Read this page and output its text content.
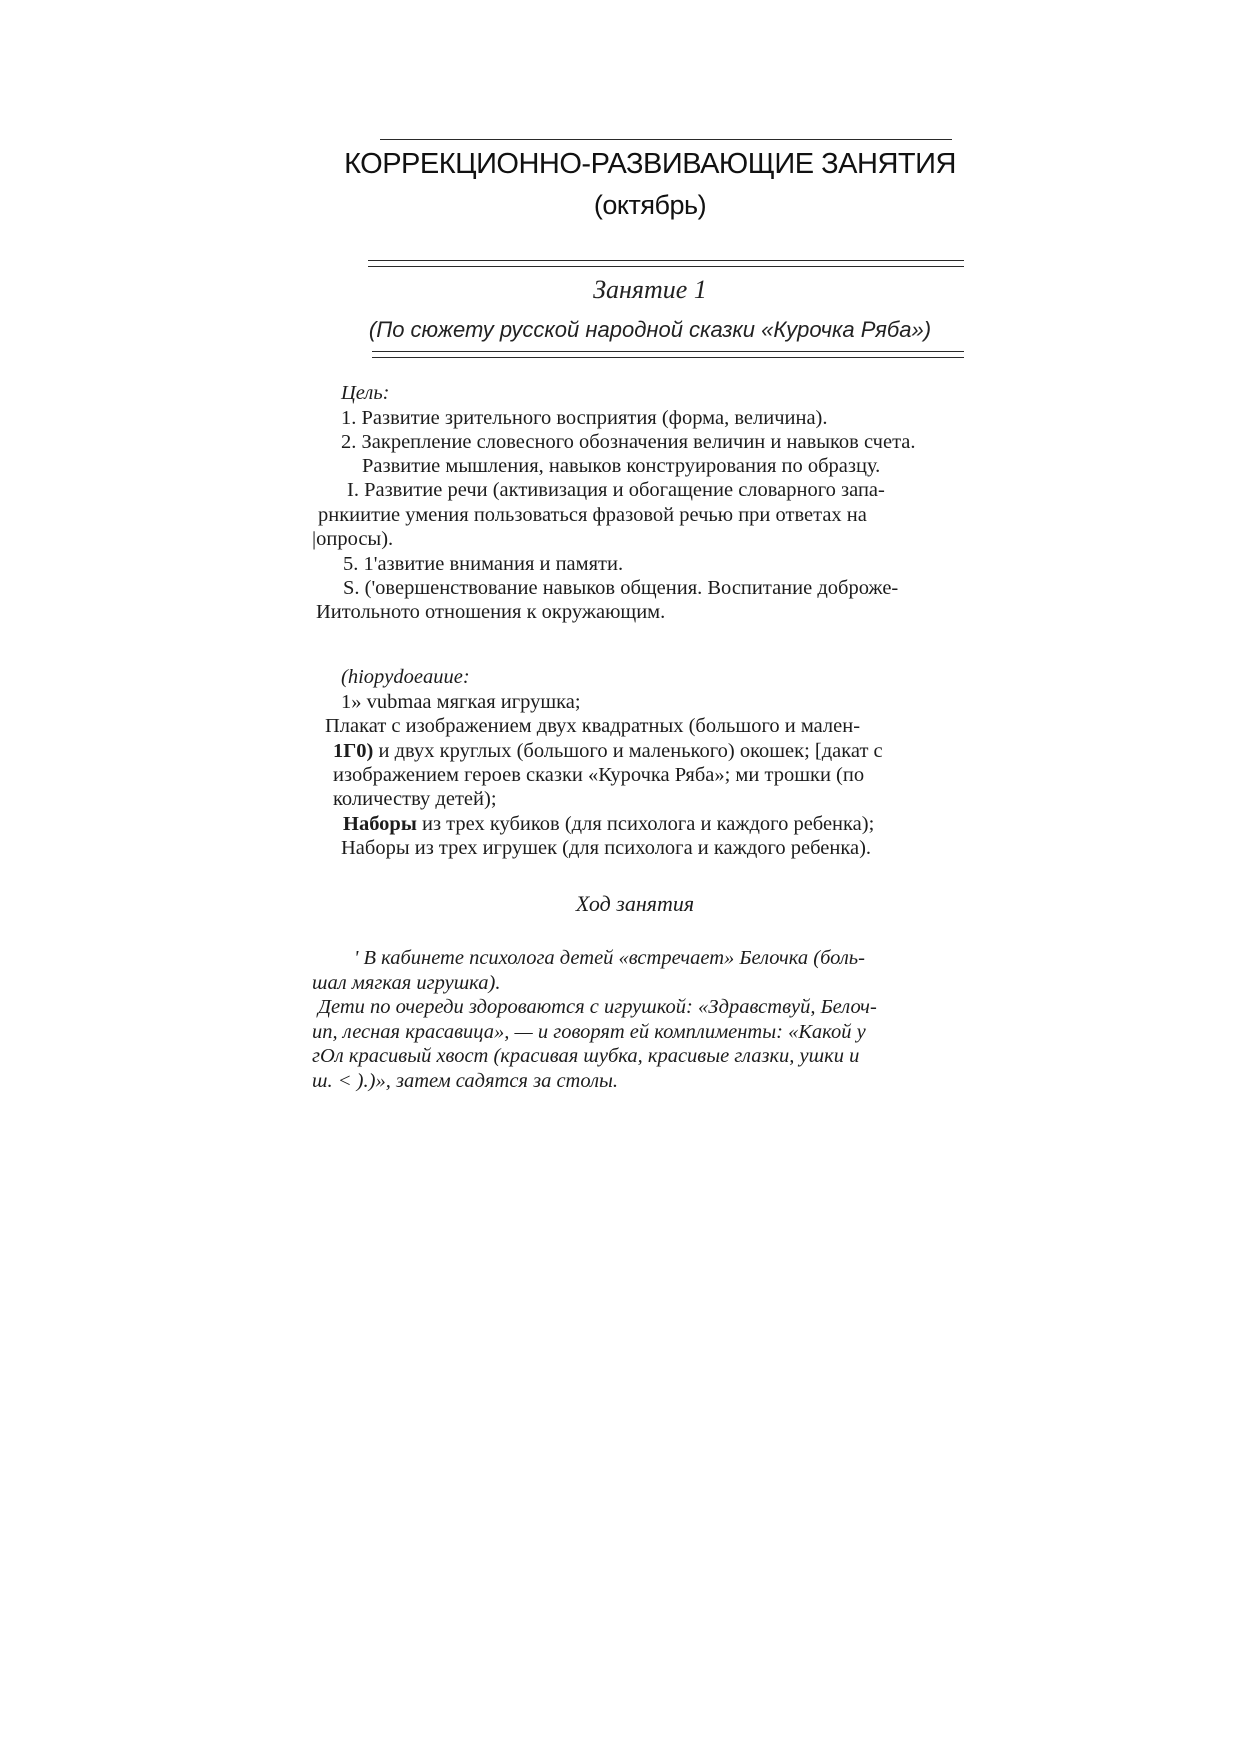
КОРРЕКЦИОННО-РАЗВИВАЮЩИЕ ЗАНЯТИЯ
(октябрь)
Занятие 1
(По сюжету русской народной сказки «Курочка Ряба»)
Цель:
1. Развитие зрительного восприятия (форма, величина).
2. Закрепление словесного обозначения величин и навыков счета.
Развитие мышления, навыков конструирования по образцу.
I. Развитие речи (активизация и обогащение словарного запа-
рнкиитие умения пользоваться фразовой речью при ответах на
|опросы).
5. 1'азвитие внимания и памяти.
S. ('овершенствование навыков общения. Воспитание доброже-
Иитольното отношения к окружающим.
(hiopydoeauue:
1» vubmaa мягкая игрушка;
Плакат с изображением двух квадратных (большого и мален-
1Г0) и двух круглых (большого и маленького) окошек; [дакат с
изображением героев сказки «Курочка Ряба»; ми трошки (по
количеству детей);
Наборы из трех кубиков (для психолога и каждого ребенка);
Наборы из трех игрушек (для психолога и каждого ребенка).
Ход занятия
' В кабинете психолога детей «встречает» Белочка (боль-
шал мягкая игрушка).
Дети по очереди здороваются с игрушкой: «Здравствуй, Белоч-
ип, лесная красавица», — и говорят ей комплименты: «Какой у
гОл красивый хвост (красивая шубка, красивые глазки, ушки и
ш. < ).)», затем садятся за столы.
